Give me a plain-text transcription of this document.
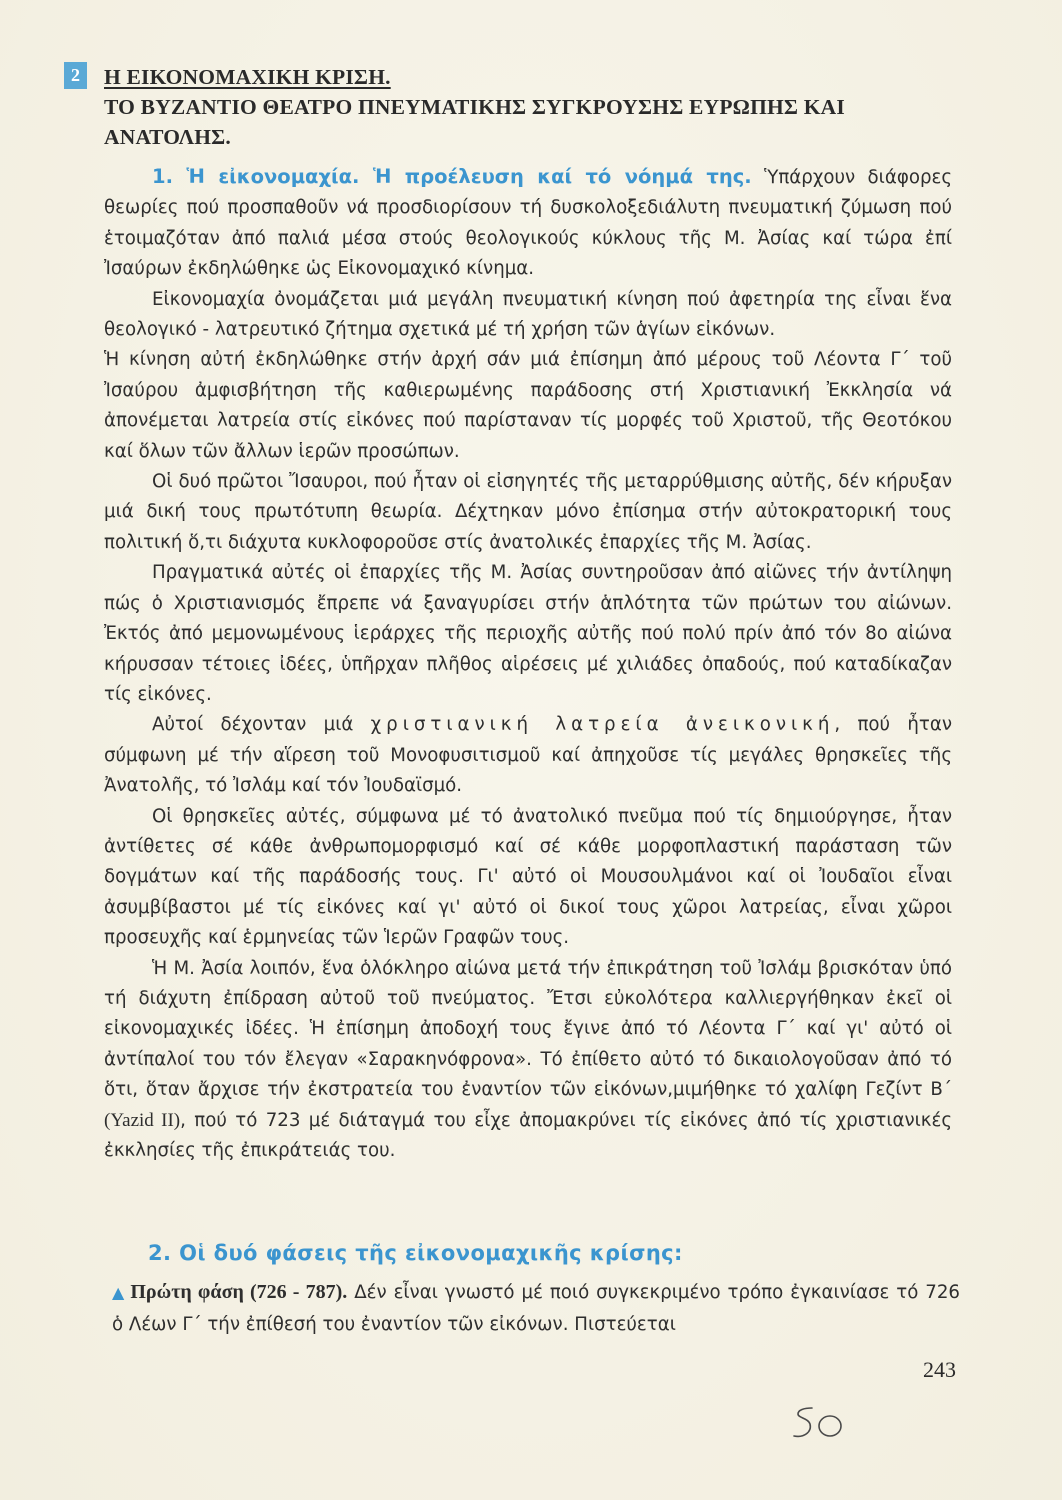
2	Η ΕΙΚΟΝΟΜΑΧΙΚΗ ΚΡΙΣΗ.
ΤΟ ΒΥΖΑΝΤΙΟ ΘΕΑΤΡΟ ΠΝΕΥΜΑΤΙΚΗΣ ΣΥΓΚΡΟΥΣΗΣ ΕΥΡΩΠΗΣ ΚΑΙ
ΑΝΑΤΟΛΗΣ.

1. Ἡ εἰκονομαχία. Ἡ προέλευση καί τό νόημά της. Ὑπάρχουν διάφορες θεωρίες πού προσπαθοῦν νά προσδιορίσουν τή δυσκολοξεδιάλυτη πνευματική ζύμωση πού ἑτοιμαζόταν ἀπό παλιά μέσα στούς θεολογικούς κύκλους τῆς Μ. Ἀσίας καί τώρα ἐπί Ἰσαύρων ἐκδηλώθηκε ὡς Εἰκονομαχικό κίνημα.

Εἰκονομαχία ὀνομάζεται μιά μεγάλη πνευματική κίνηση πού ἀφετηρία της εἶναι ἕνα θεολογικό - λατρευτικό ζήτημα σχετικά μέ τή χρήση τῶν ἁγίων εἰκόνων.

Ἡ κίνηση αὐτή ἐκδηλώθηκε στήν ἀρχή σάν μιά ἐπίσημη ἀπό μέρους τοῦ Λέοντα Γ΄ τοῦ Ἰσαύρου ἀμφισβήτηση τῆς καθιερωμένης παράδοσης στή Χριστιανική Ἐκκλησία νά ἀπονέμεται λατρεία στίς εἰκόνες πού παρίσταναν τίς μορφές τοῦ Χριστοῦ, τῆς Θεοτόκου καί ὅλων τῶν ἄλλων ἱερῶν προσώπων.

Οἱ δυό πρῶτοι Ἴσαυροι, πού ἦταν οἱ εἰσηγητές τῆς μεταρρύθμισης αὐτῆς, δέν κήρυξαν μιά δική τους πρωτότυπη θεωρία. Δέχτηκαν μόνο ἐπίσημα στήν αὐτοκρατορική τους πολιτική ὅ,τι διάχυτα κυκλοφοροῦσε στίς ἀνατολικές ἐπαρχίες τῆς Μ. Ἀσίας.

Πραγματικά αὐτές οἱ ἐπαρχίες τῆς Μ. Ἀσίας συντηροῦσαν ἀπό αἰῶνες τήν ἀντίληψη πώς ὁ Χριστιανισμός ἔπρεπε νά ξαναγυρίσει στήν ἁπλότητα τῶν πρώτων του αἰώνων. Ἐκτός ἀπό μεμονωμένους ἱεράρχες τῆς περιοχῆς αὐτῆς πού πολύ πρίν ἀπό τόν 8ο αἰώνα κήρυσσαν τέτοιες ἰδέες, ὑπῆρχαν πλῆθος αἱρέσεις μέ χιλιάδες ὀπαδούς, πού καταδίκαζαν τίς εἰκόνες.

Αὐτοί δέχονταν μιά χριστιανική λατρεία ἀνεικονική, πού ἦταν σύμφωνη μέ τήν αἵρεση τοῦ Μονοφυσιτισμοῦ καί ἀπηχοῦσε τίς μεγάλες θρησκεῖες τῆς Ἀνατολῆς, τό Ἰσλάμ καί τόν Ἰουδαϊσμό.

Οἱ θρησκεῖες αὐτές, σύμφωνα μέ τό ἀνατολικό πνεῦμα πού τίς δημιούργησε, ἦταν ἀντίθετες σέ κάθε ἀνθρωπομορφισμό καί σέ κάθε μορφοπλαστική παράσταση τῶν δογμάτων καί τῆς παράδοσής τους. Γι' αὐτό οἱ Μουσουλμάνοι καί οἱ Ἰουδαῖοι εἶναι ἀσυμβίβαστοι μέ τίς εἰκόνες καί γι' αὐτό οἱ δικοί τους χῶροι λατρείας, εἶναι χῶροι προσευχῆς καί ἑρμηνείας τῶν Ἱερῶν Γραφῶν τους.

Ἡ Μ. Ἀσία λοιπόν, ἕνα ὁλόκληρο αἰώνα μετά τήν ἐπικράτηση τοῦ Ἰσλάμ βρισκόταν ὑπό τή διάχυτη ἐπίδραση αὐτοῦ τοῦ πνεύματος. Ἔτσι εὐκολότερα καλλιεργήθηκαν ἐκεῖ οἱ εἰκονομαχικές ἰδέες. Ἡ ἐπίσημη ἀποδοχή τους ἔγινε ἀπό τό Λέοντα Γ΄ καί γι' αὐτό οἱ ἀντίπαλοί του τόν ἔλεγαν «Σαρακηνόφρονα». Τό ἐπίθετο αὐτό τό δικαιολογοῦσαν ἀπό τό ὅτι, ὅταν ἄρχισε τήν ἐκστρατεία του ἐναντίον τῶν εἰκόνων,μιμήθηκε τό χαλίφη Γεζίντ Β΄ (Yazid II), πού τό 723 μέ διάταγμά του εἶχε ἀπομακρύνει τίς εἰκόνες ἀπό τίς χριστιανικές ἐκκλησίες τῆς ἐπικράτειάς του.

2. Οἱ δυό φάσεις τῆς εἰκονομαχικῆς κρίσης:
▲ Πρώτη φάση (726 - 787). Δέν εἶναι γνωστό μέ ποιό συγκεκριμένο τρόπο ἐγκαινίασε τό 726 ὁ Λέων Γ΄ τήν ἐπίθεσή του ἐναντίον τῶν εἰκόνων. Πιστεύεται
243
